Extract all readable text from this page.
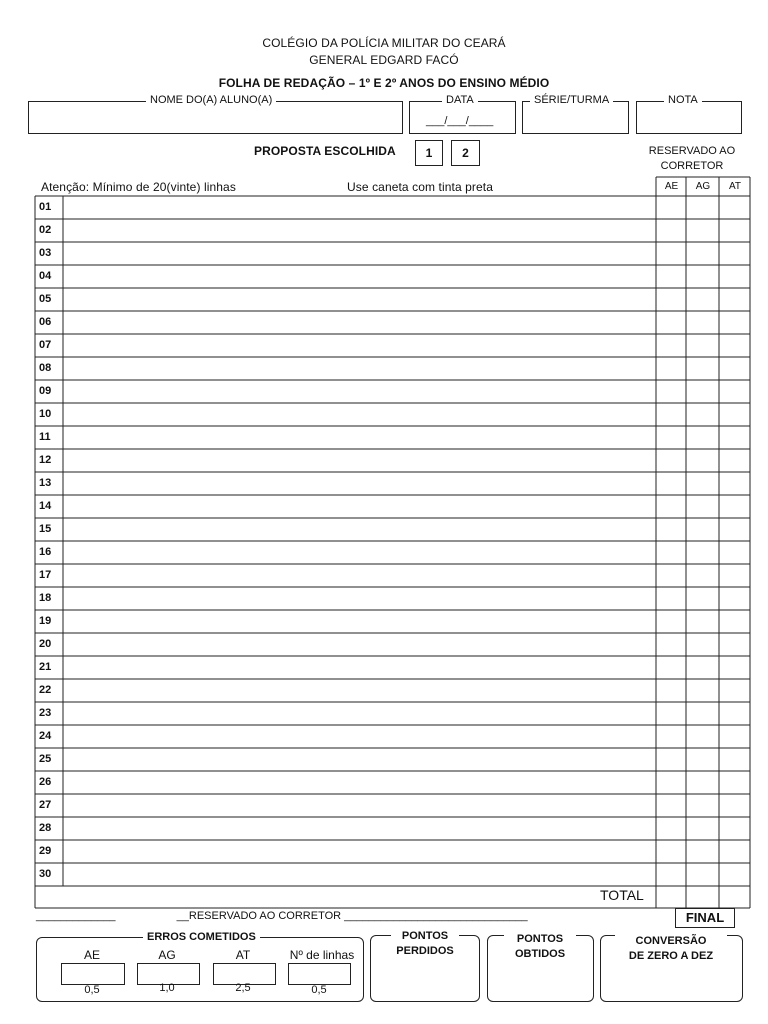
COLÉGIO DA POLÍCIA MILITAR DO CEARÁ
GENERAL EDGARD FACÓ
FOLHA DE REDAÇÃO – 1º E 2º ANOS DO ENSINO MÉDIO
NOME DO(A) ALUNO(A)	DATA
___/___/____
SÉRIE/TURMA	NOTA
PROPOSTA ESCOLHIDA	1	2	RESERVADO AO
CORRETOR
Atenção: Mínimo de 20(vinte) linhas	Use caneta com tinta preta	AE	AG	AT
01
02
03
04
05
06
07
08
09
10
11
12
13
14
15
16
17
18
19
20
21
22
23
24
25
26
27
28
29
30
TOTAL
_____________                    __RESERVADO AO CORRETOR ______________________________	FINAL
ERROS COMETIDOS
AE	AG	AT	Nº de linhas
0,5	1,0	2,5	0,5
PONTOS
PERDIDOS
PONTOS
OBTIDOS
CONVERSÃO
DE ZERO A DEZ
